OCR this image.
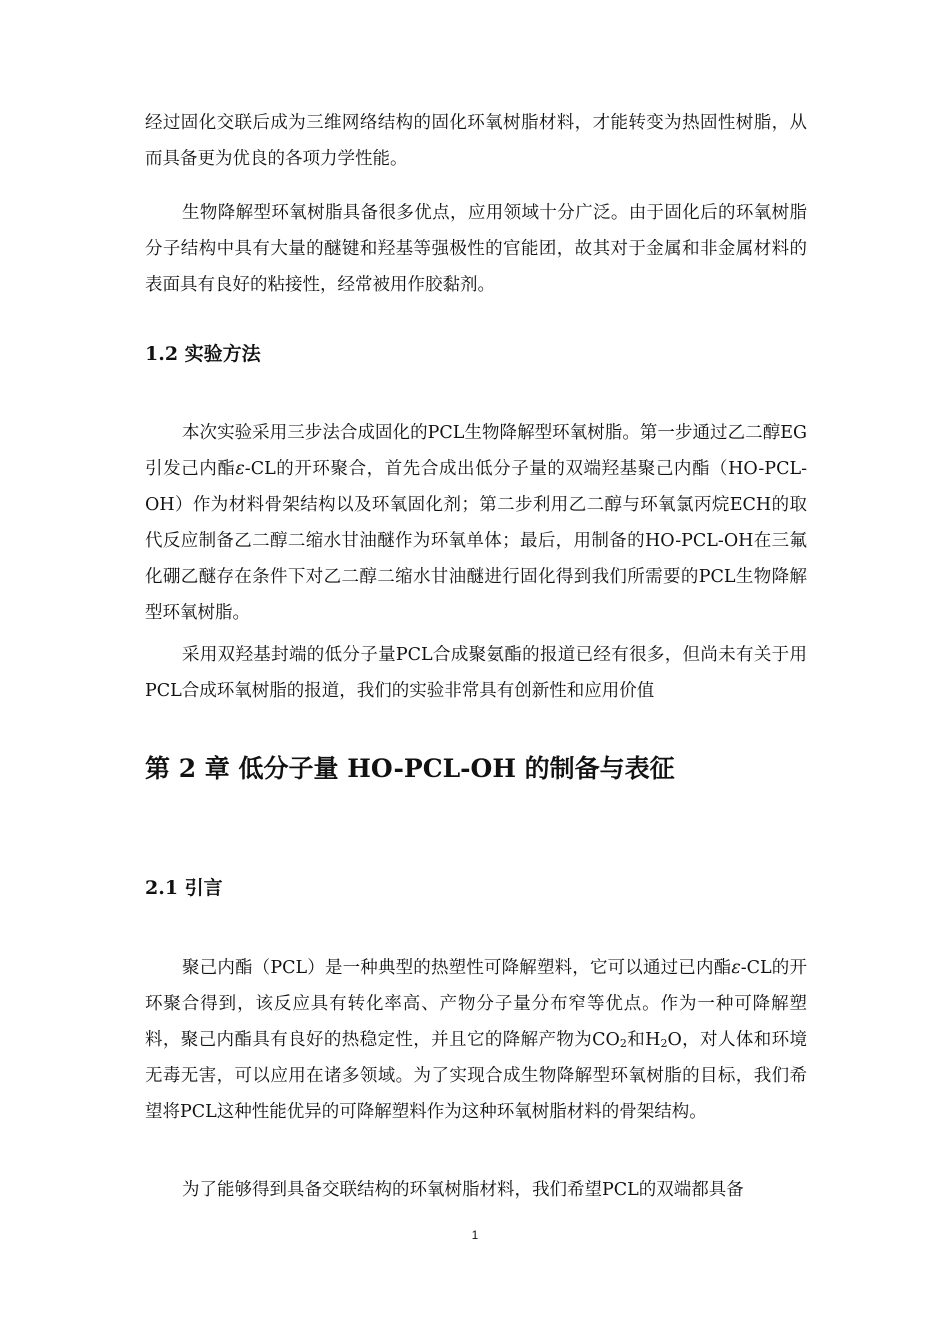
经过固化交联后成为三维网络结构的固化环氧树脂材料，才能转变为热固性树脂，从而具备更为优良的各项力学性能。

生物降解型环氧树脂具备很多优点，应用领域十分广泛。由于固化后的环氧树脂分子结构中具有大量的醚键和羟基等强极性的官能团，故其对于金属和非金属材料的表面具有良好的粘接性，经常被用作胶黏剂。

1.2 实验方法

本次实验采用三步法合成固化的PCL生物降解型环氧树脂。第一步通过乙二醇EG引发己内酯ε-CL的开环聚合，首先合成出低分子量的双端羟基聚己内酯（HO-PCL-OH）作为材料骨架结构以及环氧固化剂；第二步利用乙二醇与环氧氯丙烷ECH的取代反应制备乙二醇二缩水甘油醚作为环氧单体；最后，用制备的HO-PCL-OH在三氟化硼乙醚存在条件下对乙二醇二缩水甘油醚进行固化得到我们所需要的PCL生物降解型环氧树脂。

采用双羟基封端的低分子量PCL合成聚氨酯的报道已经有很多，但尚未有关于用PCL合成环氧树脂的报道，我们的实验非常具有创新性和应用价值

第 2 章 低分子量 HO-PCL-OH 的制备与表征
2.1 引言

聚己内酯（PCL）是一种典型的热塑性可降解塑料，它可以通过已内酯ε-CL的开环聚合得到，该反应具有转化率高、产物分子量分布窄等优点。作为一种可降解塑料，聚己内酯具有良好的热稳定性，并且它的降解产物为$CO_2$和$H_2O$，对人体和环境无毒无害，可以应用在诸多领域。为了实现合成生物降解型环氧树脂的目标，我们希望将PCL这种性能优异的可降解塑料作为这种环氧树脂材料的骨架结构。

为了能够得到具备交联结构的环氧树脂材料，我们希望PCL的双端都具备

1
